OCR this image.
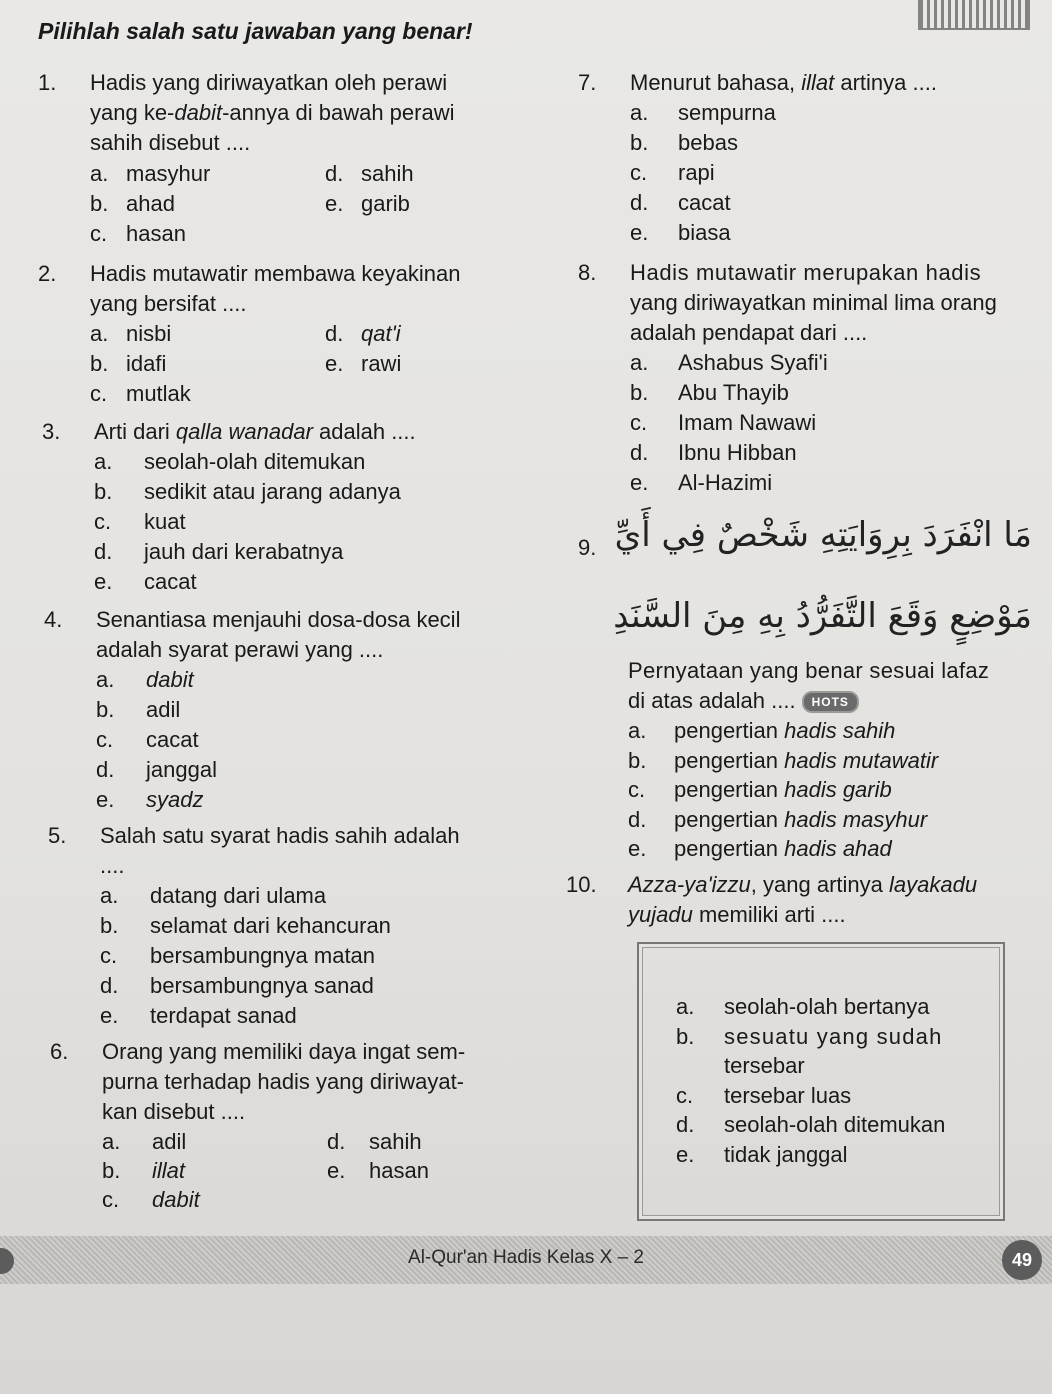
Pilihlah salah satu jawaban yang benar!
1. Hadis yang diriwayatkan oleh perawi
yang ke-dabit-annya di bawah perawi
sahih disebut ....
a. masyhur	d. sahih
b. ahad	e. garib
c. hasan
2. Hadis mutawatir membawa keyakinan
yang bersifat ....
a. nisbi	d. qat'i
b. idafi	e. rawi
c. mutlak
3. Arti dari qalla wanadar adalah ....
a.	seolah-olah ditemukan
b.	sedikit atau jarang adanya
c.	kuat
d.	jauh dari kerabatnya
e.	cacat
4. Senantiasa menjauhi dosa-dosa kecil
adalah syarat perawi yang ....
a.	dabit
b.	adil
c.	cacat
d.	janggal
e.	syadz
5. Salah satu syarat hadis sahih adalah
....
a.	datang dari ulama
b.	selamat dari kehancuran
c.	bersambungnya matan
d.	bersambungnya sanad
e.	terdapat sanad
6. Orang yang memiliki daya ingat sem-
purna terhadap hadis yang diriwayat-
kan disebut ....
a.	adil	d.	sahih
b.	illat	e.	hasan
c.	dabit
7. Menurut bahasa, illat artinya ....
a.	sempurna
b.	bebas
c.	rapi
d.	cacat
e.	biasa
8. Hadis mutawatir merupakan hadis
yang diriwayatkan minimal lima orang
adalah pendapat dari ....
a.	Ashabus Syafi'i
b.	Abu Thayib
c.	Imam Nawawi
d.	Ibnu Hibban
e.	Al-Hazimi
9. مَا انْفَرَدَ بِرِوَايَتِهِ شَخْصٌ فِي أَيِّ
مَوْضِعٍ وَقَعَ التَّفَرُّدُ بِهِ مِنَ السَّنَدِ
Pernyataan yang benar sesuai lafaz
di atas adalah .... HOTS
a.	pengertian
hadis sahih
b.	pengertian
hadis mutawatir
c.	pengertian
hadis garib
d.	pengertian
hadis masyhur
e.	pengertian
hadis ahad
10. Azza-ya'izzu, yang artinya layakadu
yujadu memiliki arti ....
a.	seolah-olah bertanya
b.	sesuatu yang sudah
tersebar
c.	tersebar luas
d.	seolah-olah ditemukan
e.	tidak janggal
Al-Qur'an Hadis Kelas X – 2	49
